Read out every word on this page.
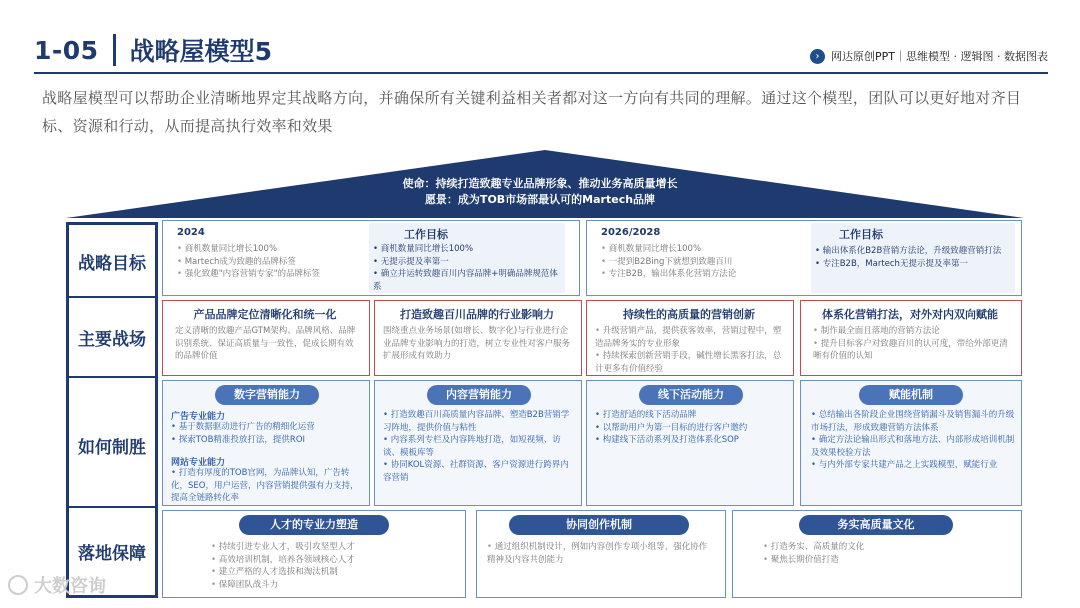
1-05 战略屋模型5	›	网达原创PPT｜思维模型 · 逻辑图 · 数据图表
战略屋模型可以帮助企业清晰地界定其战略方向，并确保所有关键利益相关者都对这一方向有共同的理解。通过这个模型，团队可以更好地对齐目标、资源和行动，从而提高执行效率和效果
使命：持续打造致趣专业品牌形象、推动业务高质量增长
愿景：成为TOB市场部最认可的Martech品牌
战略目标
主要战场
如何制胜
落地保障
2024
• 商机数量同比增长100%
• Martech成为致趣的品牌标签
• 强化致趣"内容营销专家"的品牌标签
工作目标
• 商机数量同比增长100%
• 无提示提及率第一
• 确立并运转致趣百川内容品牌+明确品牌规范体系
2026/2028
• 商机数量同比增长100%
• 一提到B2Bing下就想到致趣百川
• 专注B2B，输出体系化营销方法论
工作目标
• 输出体系化B2B营销方法论，升级致趣营销打法
• 专注B2B，Martech无提示提及率第一
产品品牌定位清晰化和统一化
定义清晰的致趣产品GTM架构、品牌风格、品牌识别系统、保证高质量与一致性，促成长期有效的品牌价值
打造致趣百川品牌的行业影响力
围绕重点业务场景(如增长、数字化)与行业进行企业品牌专业影响力的打造，树立专业性对客户服务扩展形成有效助力
持续性的高质量的营销创新
• 升级营销产品，提供获客效率，营销过程中，塑造品牌务实的专业形象
• 持续探索创新营销手段，碱性增长黑客打法，总计更多有价值经验
体系化营销打法，对外对内双向赋能
• 制作最全面且落地的营销方法论
• 提升目标客户对致趣百川的认可度，带给外部更清晰有价值的认知
数字营销能力
广告专业能力
• 基于数据驱动进行广告的精细化运营
• 探索TOB精准投放打法，提供ROI
网站专业能力
• 打造有厚度的TOB官网，为品牌认知，广告转化，SEO，用户运营，内容营销提供强有力支持，提高全链路转化率
内容营销能力
• 打造致趣百川高质量内容品牌、塑造B2B营销学习阵地，提供价值与粘性
• 内容系列专栏及内容阵地打造，如短视频、访谈、模板库等
• 协同KOL资源、社群资源、客户资源进行跨界内容营销
线下活动能力
• 打造舒适的线下活动品牌
• 以帮助用户为第一目标的进行客户邀约
• 构建线下活动系列及打造体系化SOP
赋能机制
• 总结输出各阶段企业围绕营销漏斗及销售漏斗的升级市场打法，形成致趣营销方法体系
• 确定方法论输出形式和落地方法、内部形成培训机制及效果校验方法
• 与内外部专家共建产品之上实践模型，赋能行业
人才的专业力塑造
• 持续引进专业人才，吸引攻坚型人才
• 高效培训机制，培养各领域核心人才
• 建立严格的人才选拔和淘汰机制
• 保障团队战斗力
协同创作机制
• 通过组织机制设计，例如内容创作专项小组等，强化协作精神及内容共创能力
务实高质量文化
• 打造务实、高质量的文化
• 聚焦长期价值打造
大数咨询
